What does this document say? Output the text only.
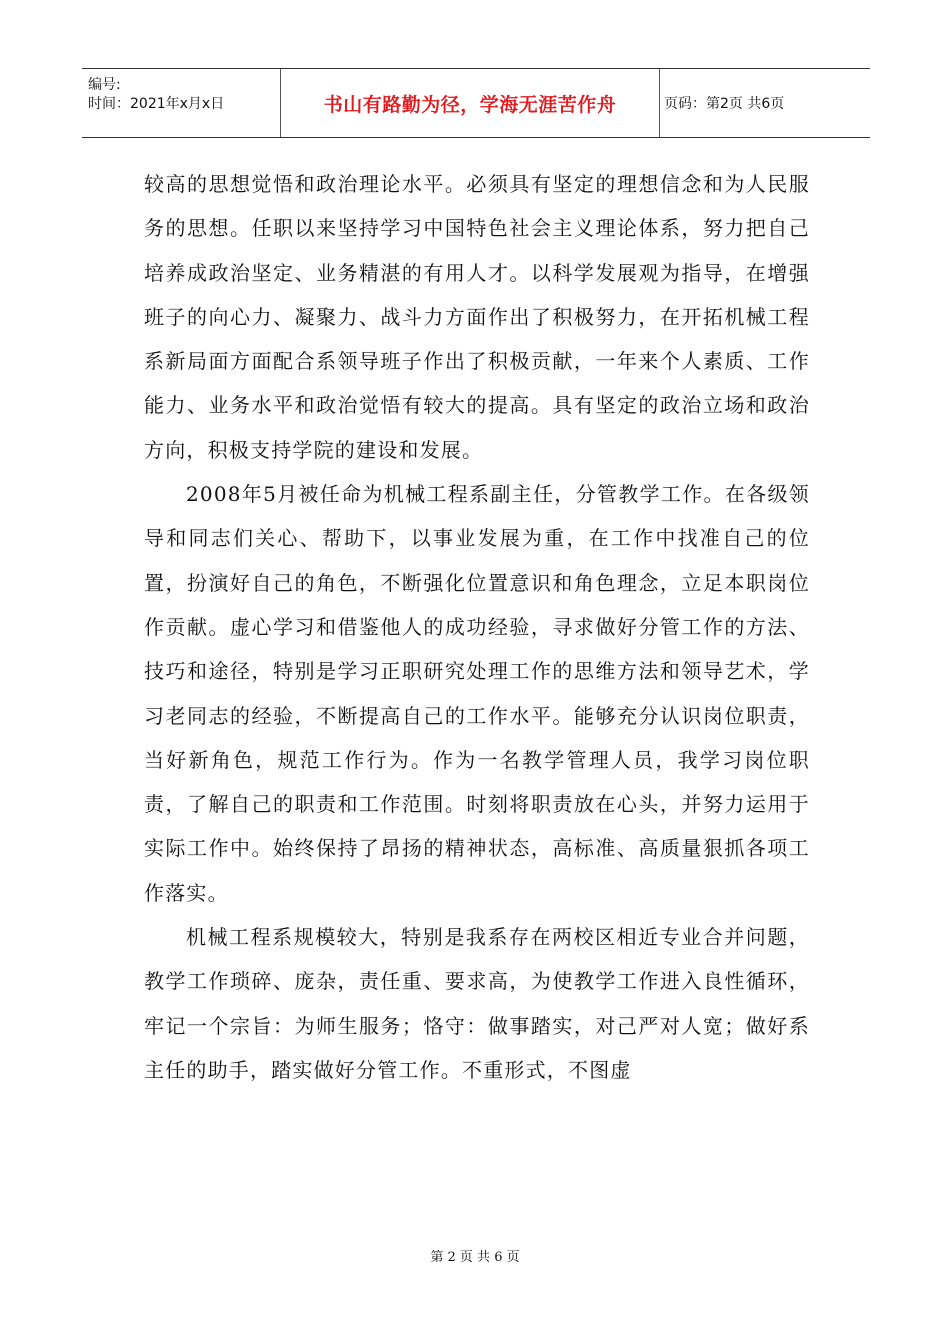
编号:
时间：2021年x月x日	书山有路勤为径，学海无涯苦作舟	页码：第2页 共6页

较高的思想觉悟和政治理论水平。必须具有坚定的理想信念和为人民服务的思想。任职以来坚持学习中国特色社会主义理论体系，努力把自己培养成政治坚定、业务精湛的有用人才。以科学发展观为指导，在增强班子的向心力、凝聚力、战斗力方面作出了积极努力，在开拓机械工程系新局面方面配合系领导班子作出了积极贡献，一年来个人素质、工作能力、业务水平和政治觉悟有较大的提高。具有坚定的政治立场和政治方向，积极支持学院的建设和发展。

2008年5月被任命为机械工程系副主任，分管教学工作。在各级领导和同志们关心、帮助下，以事业发展为重，在工作中找准自己的位置，扮演好自己的角色，不断强化位置意识和角色理念，立足本职岗位作贡献。虚心学习和借鉴他人的成功经验，寻求做好分管工作的方法、技巧和途径，特别是学习正职研究处理工作的思维方法和领导艺术，学习老同志的经验，不断提高自己的工作水平。能够充分认识岗位职责，当好新角色，规范工作行为。作为一名教学管理人员，我学习岗位职责，了解自己的职责和工作范围。时刻将职责放在心头，并努力运用于实际工作中。始终保持了昂扬的精神状态，高标准、高质量狠抓各项工作落实。

机械工程系规模较大，特别是我系存在两校区相近专业合并问题，教学工作琐碎、庞杂，责任重、要求高，为使教学工作进入良性循环，牢记一个宗旨：为师生服务；恪守：做事踏实，对己严对人宽；做好系主任的助手，踏实做好分管工作。不重形式，不图虚

第 2 页 共 6 页
